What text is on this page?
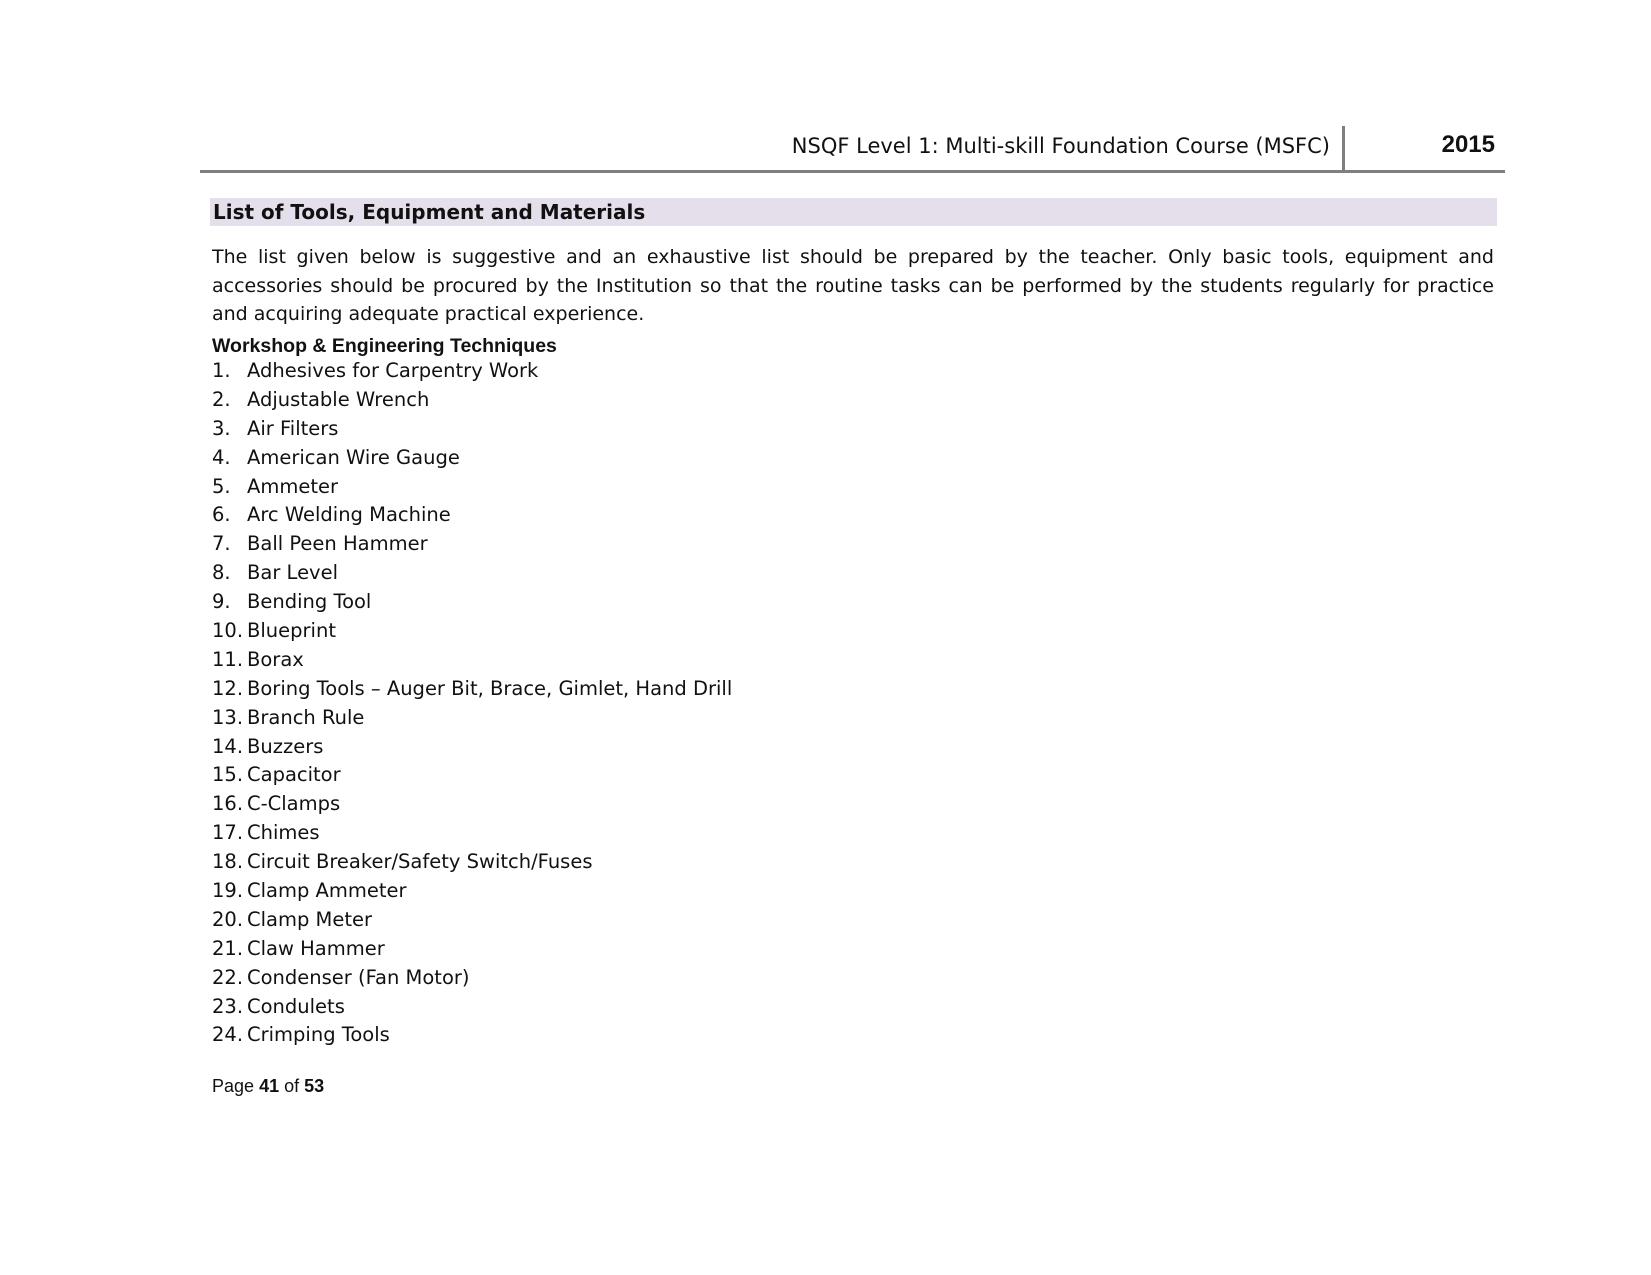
NSQF Level 1: Multi-skill Foundation Course (MSFC)	2015
List of Tools, Equipment and Materials

The list given below is suggestive and an exhaustive list should be prepared by the teacher. Only basic tools, equipment and accessories should be procured by the Institution so that the routine tasks can be performed by the students regularly for practice and acquiring adequate practical experience.

Workshop & Engineering Techniques
1. Adhesives for Carpentry Work
2. Adjustable Wrench
3. Air Filters
4. American Wire Gauge
5. Ammeter
6. Arc Welding Machine
7. Ball Peen Hammer
8. Bar Level
9. Bending Tool
10. Blueprint
11. Borax
12. Boring Tools – Auger Bit, Brace, Gimlet, Hand Drill
13. Branch Rule
14. Buzzers
15. Capacitor
16. C-Clamps
17. Chimes
18. Circuit Breaker/Safety Switch/Fuses
19. Clamp Ammeter
20. Clamp Meter
21. Claw Hammer
22. Condenser (Fan Motor)
23. Condulets
24. Crimping Tools
Page 41 of 53
